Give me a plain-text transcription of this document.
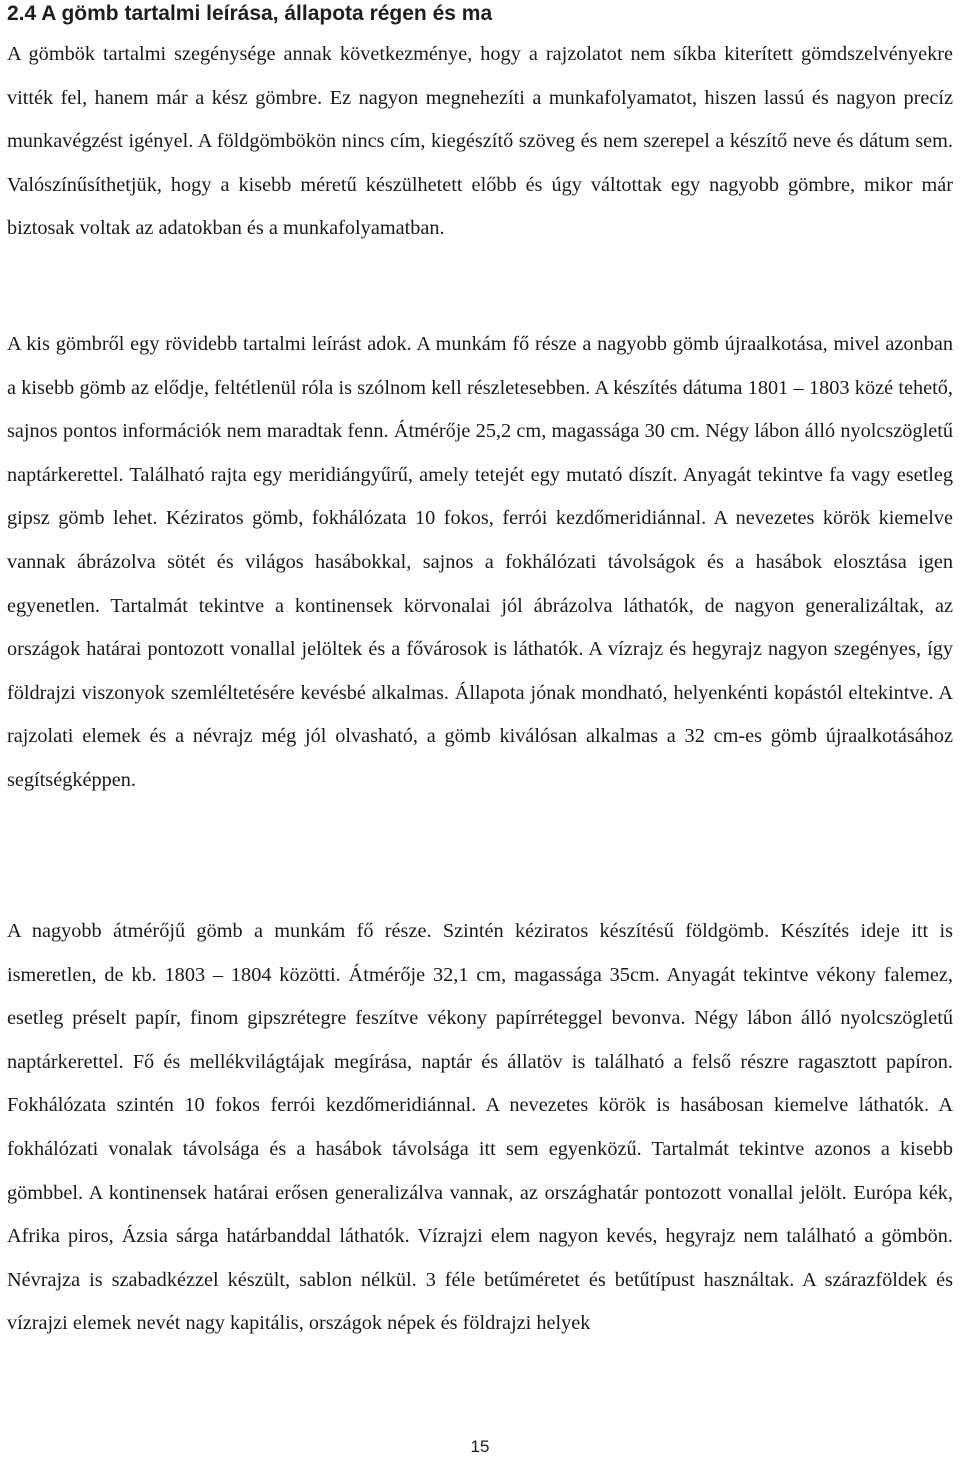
2.4 A gömb tartalmi leírása, állapota régen és ma

A gömbök tartalmi szegénysége annak következménye, hogy a rajzolatot nem síkba kiterített gömdszelvényekre vitték fel, hanem már a kész gömbre. Ez nagyon megnehezíti a munkafolyamatot, hiszen lassú és nagyon precíz munkavégzést igényel. A földgömbökön nincs cím, kiegészítő szöveg és nem szerepel a készítő neve és dátum sem. Valószínűsíthetjük, hogy a kisebb méretű készülhetett előbb és úgy váltottak egy nagyobb gömbre, mikor már biztosak voltak az adatokban és a munkafolyamatban.

A kis gömbről egy rövidebb tartalmi leírást adok. A munkám fő része a nagyobb gömb újraalkotása, mivel azonban a kisebb gömb az elődje, feltétlenül róla is szólnom kell részletesebben. A készítés dátuma 1801 – 1803 közé tehető, sajnos pontos információk nem maradtak fenn. Átmérője 25,2 cm, magassága 30 cm. Négy lábon álló nyolcszögletű naptárkerettel. Található rajta egy meridiángyűrű, amely tetejét egy mutató díszít. Anyagát tekintve fa vagy esetleg gipsz gömb lehet. Kéziratos gömb, fokhálózata 10 fokos, ferrói kezdőmeridiánnal. A nevezetes körök kiemelve vannak ábrázolva sötét és világos hasábokkal, sajnos a fokhálózati távolságok és a hasábok elosztása igen egyenetlen. Tartalmát tekintve a kontinensek körvonalai jól ábrázolva láthatók, de nagyon generalizáltak, az országok határai pontozott vonallal jelöltek és a fővárosok is láthatók. A vízrajz és hegyrajz nagyon szegényes, így földrajzi viszonyok szemléltetésére kevésbé alkalmas. Állapota jónak mondható, helyenkénti kopástól eltekintve. A rajzolati elemek és a névrajz még jól olvasható, a gömb kiválósan alkalmas a 32 cm-es gömb újraalkotásához segítségképpen.

A nagyobb átmérőjű gömb a munkám fő része. Szintén kéziratos készítésű földgömb. Készítés ideje itt is ismeretlen, de kb. 1803 – 1804 közötti. Átmérője 32,1 cm, magassága 35cm. Anyagát tekintve vékony falemez, esetleg préselt papír, finom gipszrétegre feszítve vékony papírréteggel bevonva. Négy lábon álló nyolcszögletű naptárkerettel. Fő és mellékvilágtájak megírása, naptár és állatöv is található a felső részre ragasztott papíron. Fokhálózata szintén 10 fokos ferrói kezdőmeridiánnal. A nevezetes körök is hasábosan kiemelve láthatók. A fokhálózati vonalak távolsága és a hasábok távolsága itt sem egyenközű. Tartalmát tekintve azonos a kisebb gömbbel. A kontinensek határai erősen generalizálva vannak, az országhatár pontozott vonallal jelölt. Európa kék, Afrika piros, Ázsia sárga határbanddal láthatók. Vízrajzi elem nagyon kevés, hegyrajz nem található a gömbön. Névrajza is szabadkézzel készült, sablon nélkül. 3 féle betűméretet és betűtípust használtak. A szárazföldek és vízrajzi elemek nevét nagy kapitális, országok népek és földrajzi helyek

15
